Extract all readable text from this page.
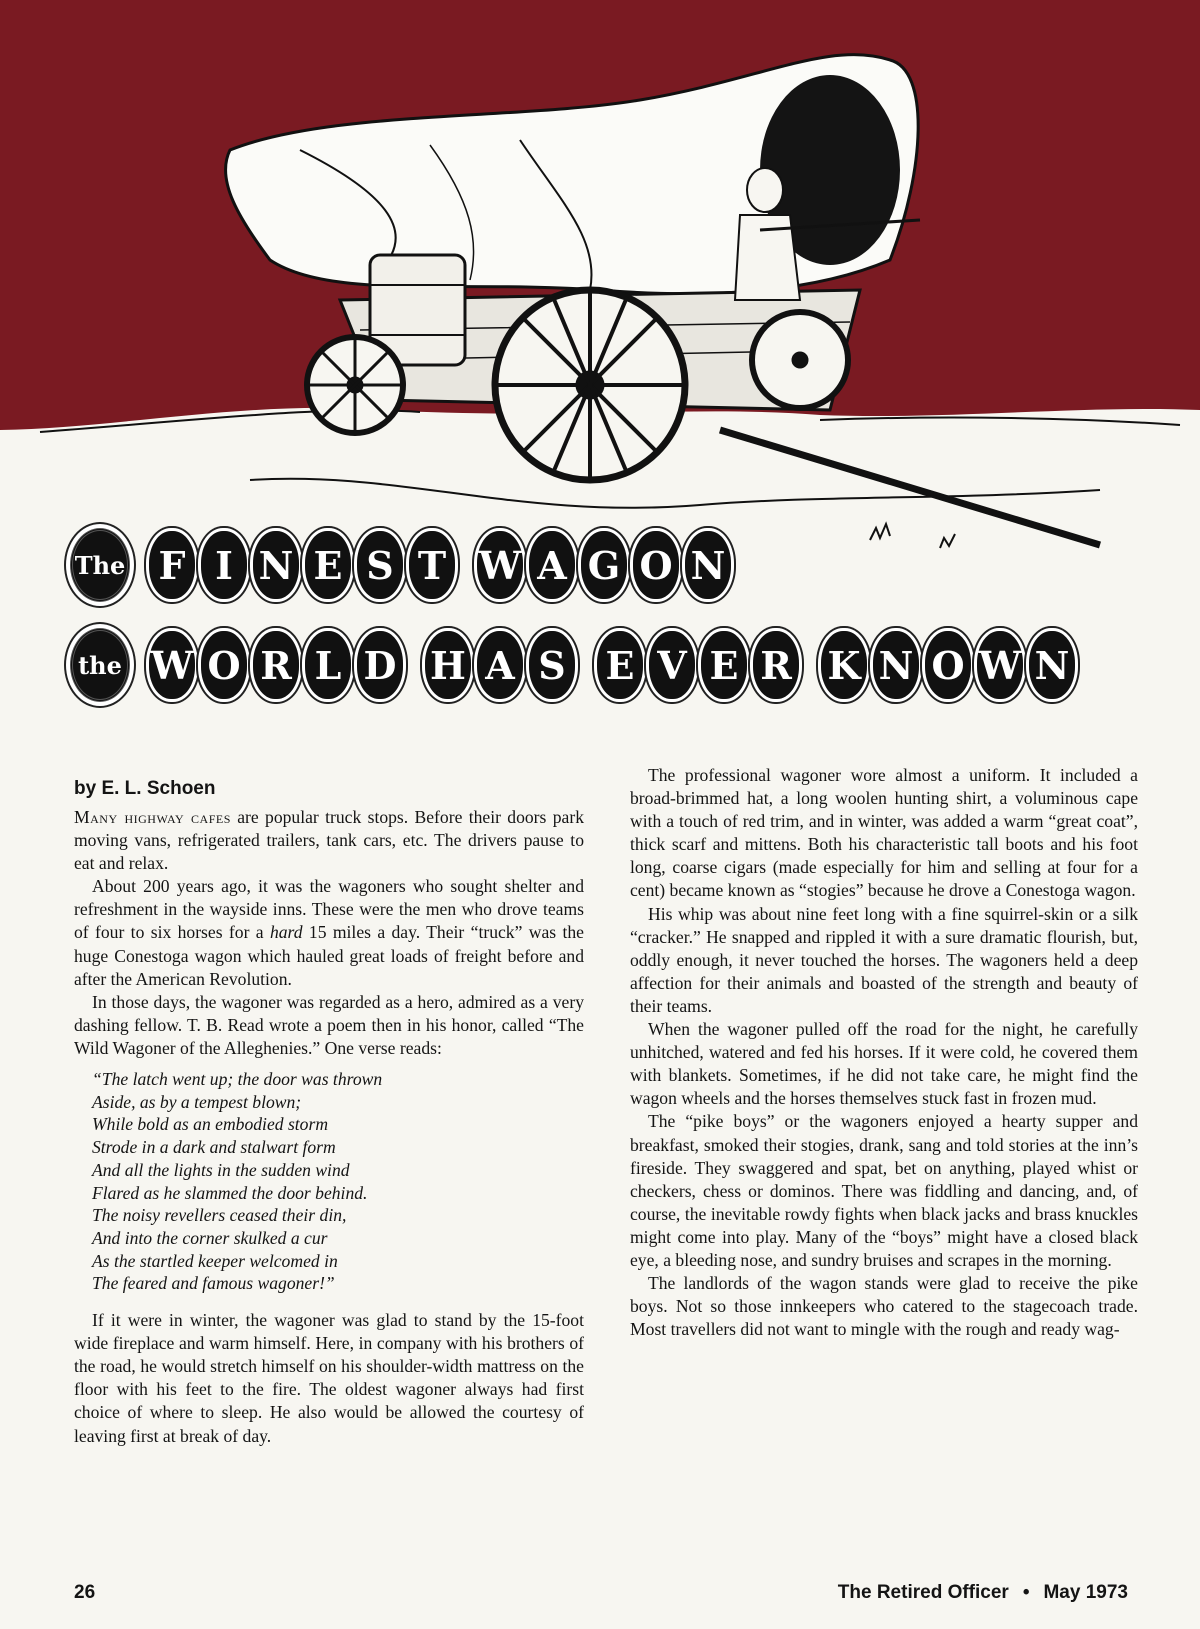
The F I N E S T W A G O N
the W O R L D H A S E V E R K N O W N
by E. L. Schoen

Many highway cafes are popular truck stops. Before their doors park moving vans, refrigerated trailers, tank cars, etc. The drivers pause to eat and relax.

About 200 years ago, it was the wagoners who sought shelter and refreshment in the wayside inns. These were the men who drove teams of four to six horses for a hard 15 miles a day. Their “truck” was the huge Conestoga wagon which hauled great loads of freight before and after the American Revolution.

In those days, the wagoner was regarded as a hero, admired as a very dashing fellow. T. B. Read wrote a poem then in his honor, called “The Wild Wagoner of the Alleghenies.” One verse reads:

“The latch went up; the door was thrown
Aside, as by a tempest blown;
While bold as an embodied storm
Strode in a dark and stalwart form
And all the lights in the sudden wind
Flared as he slammed the door behind.
The noisy revellers ceased their din,
And into the corner skulked a cur
As the startled keeper welcomed in
The feared and famous wagoner!”

If it were in winter, the wagoner was glad to stand by the 15-foot wide fireplace and warm himself. Here, in company with his brothers of the road, he would stretch himself on his shoulder-width mattress on the floor with his feet to the fire. The oldest wagoner always had first choice of where to sleep. He also would be allowed the courtesy of leaving first at break of day.

The professional wagoner wore almost a uniform. It included a broad-brimmed hat, a long woolen hunting shirt, a voluminous cape with a touch of red trim, and in winter, was added a warm “great coat”, thick scarf and mittens. Both his characteristic tall boots and his foot long, coarse cigars (made especially for him and selling at four for a cent) became known as “stogies” because he drove a Conestoga wagon.

His whip was about nine feet long with a fine squirrel-skin or a silk “cracker.” He snapped and rippled it with a sure dramatic flourish, but, oddly enough, it never touched the horses. The wagoners held a deep affection for their animals and boasted of the strength and beauty of their teams.

When the wagoner pulled off the road for the night, he carefully unhitched, watered and fed his horses. If it were cold, he covered them with blankets. Sometimes, if he did not take care, he might find the wagon wheels and the horses themselves stuck fast in frozen mud.

The “pike boys” or the wagoners enjoyed a hearty supper and breakfast, smoked their stogies, drank, sang and told stories at the inn’s fireside. They swaggered and spat, bet on anything, played whist or checkers, chess or dominos. There was fiddling and dancing, and, of course, the inevitable rowdy fights when black jacks and brass knuckles might come into play. Many of the “boys” might have a closed black eye, a bleeding nose, and sundry bruises and scrapes in the morning.

The landlords of the wagon stands were glad to receive the pike boys. Not so those innkeepers who catered to the stagecoach trade. Most travellers did not want to mingle with the rough and ready wag-

26	The Retired Officer • May 1973
